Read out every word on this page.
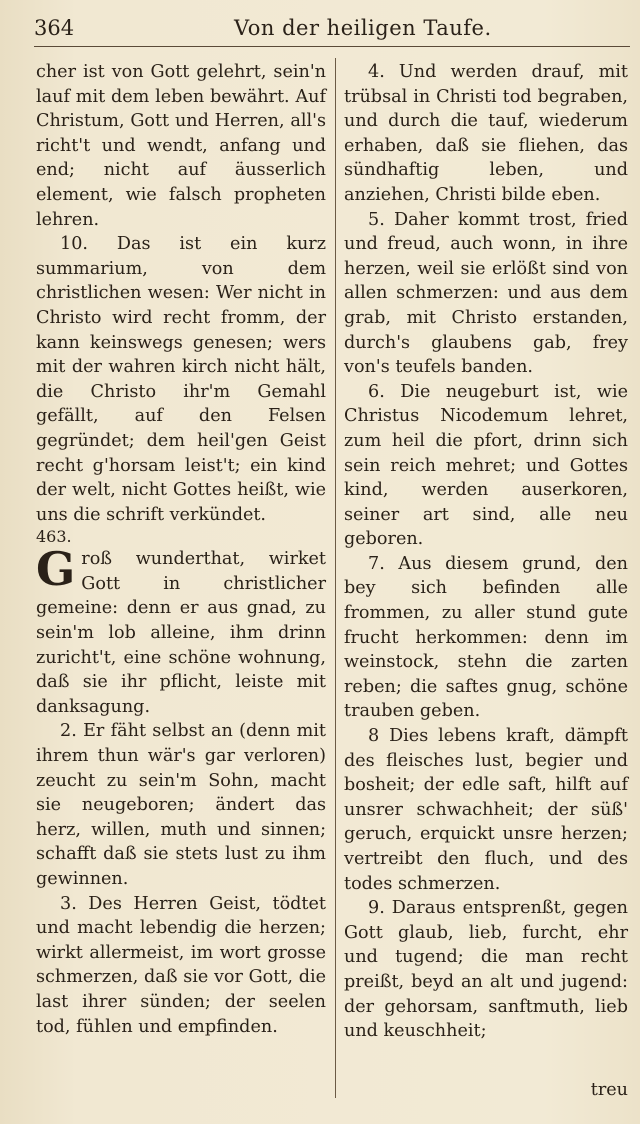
364	Von der heiligen Taufe.

cher ist von Gott gelehrt, sein'n lauf mit dem leben bewährt. Auf Christum, Gott und Herren, all's richt't und wendt, anfang und end; nicht auf äusserlich element, wie falsch propheten lehren.

10. Das ist ein kurz summarium, von dem christlichen wesen: Wer nicht in Christo wird recht fromm, der kann keinswegs genesen; wers mit der wahren kirch nicht hält, die Christo ihr'm Gemahl gefällt, auf den Felsen gegründet; dem heil'gen Geist recht g'horsam leist't; ein kind der welt, nicht Gottes heißt, wie uns die schrift verkündet.

463.

Groß wunderthat, wirket Gott in christlicher gemeine: denn er aus gnad, zu sein'm lob alleine, ihm drinn zuricht't, eine schöne wohnung, daß sie ihr pflicht, leiste mit danksagung.

2. Er fäht selbst an (denn mit ihrem thun wär's gar verloren) zeucht zu sein'm Sohn, macht sie neugeboren; ändert das herz, willen, muth und sinnen; schafft daß sie stets lust zu ihm gewinnen.

3. Des Herren Geist, tödtet und macht lebendig die herzen; wirkt allermeist, im wort grosse schmerzen, daß sie vor Gott, die last ihrer sünden; der seelen tod, fühlen und empfinden.

4. Und werden drauf, mit trübsal in Christi tod begraben, und durch die tauf, wiederum erhaben, daß sie fliehen, das sündhaftig leben, und anziehen, Christi bilde eben.

5. Daher kommt trost, fried und freud, auch wonn, in ihre herzen, weil sie erlößt sind von allen schmerzen: und aus dem grab, mit Christo erstanden, durch's glaubens gab, frey von's teufels banden.

6. Die neugeburt ist, wie Christus Nicodemum lehret, zum heil die pfort, drinn sich sein reich mehret; und Gottes kind, werden auserkoren, seiner art sind, alle neu geboren.

7. Aus diesem grund, den bey sich befinden alle frommen, zu aller stund gute frucht herkommen: denn im weinstock, stehn die zarten reben; die saftes gnug, schöne trauben geben.

8 Dies lebens kraft, dämpft des fleisches lust, begier und bosheit; der edle saft, hilft auf unsrer schwachheit; der süß' geruch, erquickt unsre herzen; vertreibt den fluch, und des todes schmerzen.

9. Daraus entsprenßt, gegen Gott glaub, lieb, furcht, ehr und tugend; die man recht preißt, beyd an alt und jugend: der gehorsam, sanftmuth, lieb und keuschheit;

treu
